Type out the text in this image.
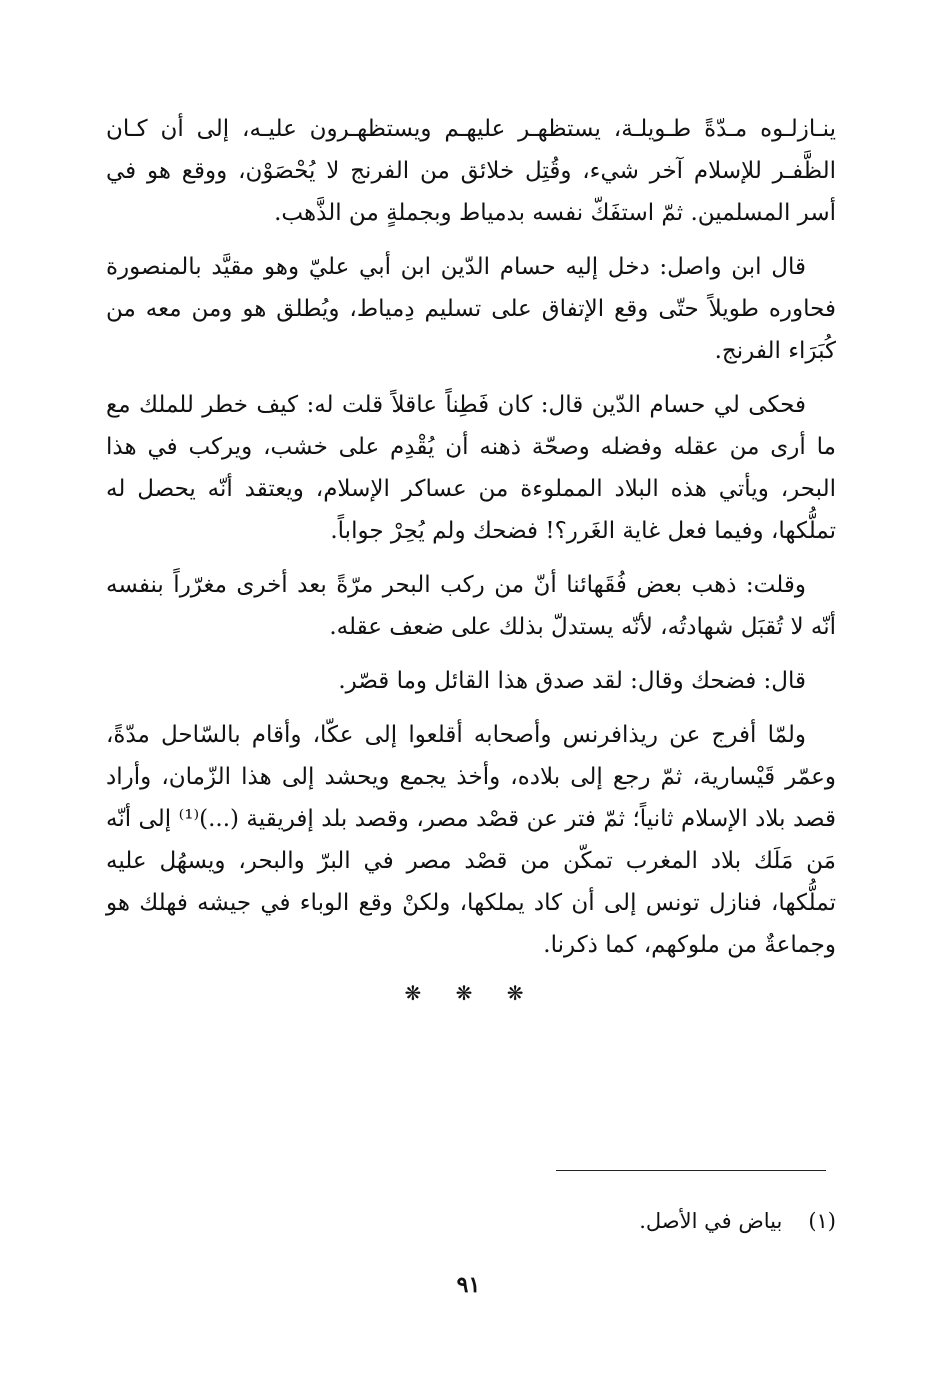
ينـازلـوه مـدّةً طـويلـة، يستظهـر عليهـم ويستظهـرون عليـه، إلى أن كـان الظَّفـر للإسلام آخر شيء، وقُتِل خلائق من الفرنج لا يُحْصَوْن، ووقع هو في أسر المسلمين. ثمّ استفَكّ نفسه بدمياط وبجملةٍ من الذَّهب.

قال ابن واصل: دخل إليه حسام الدّين ابن أبي عليّ وهو مقيَّد بالمنصورة فحاوره طويلاً حتّى وقع الإتفاق على تسليم دِمياط، ويُطلق هو ومن معه من كُبَرَاء الفرنج.

فحكى لي حسام الدّين قال: كان فَطِناً عاقلاً قلت له: كيف خطر للملك مع ما أرى من عقله وفضله وصحّة ذهنه أن يُقْدِم على خشب، ويركب في هذا البحر، ويأتي هذه البلاد المملوءة من عساكر الإسلام، ويعتقد أنّه يحصل له تملُّكها، وفيما فعل غاية الغَرر؟! فضحك ولم يُحِرْ جواباً.

وقلت: ذهب بعض فُقَهائنا أنّ من ركب البحر مرّةً بعد أخرى مغرّراً بنفسه أنّه لا تُقبَل شهادتُه، لأنّه يستدلّ بذلك على ضعف عقله.

قال: فضحك وقال: لقد صدق هذا القائل وما قصّر.

ولمّا أفرج عن ريذافرنس وأصحابه أقلعوا إلى عكّا، وأقام بالسّاحل مدّةً، وعمّر قَيْسارية، ثمّ رجع إلى بلاده، وأخذ يجمع ويحشد إلى هذا الزّمان، وأراد قصد بلاد الإسلام ثانياً؛ ثمّ فتر عن قصْد مصر، وقصد بلد إفريقية (...)⁽¹⁾ إلى أنّه مَن مَلَك بلاد المغرب تمكّن من قصْد مصر في البرّ والبحر، ويسهُل عليه تملُّكها، فنازل تونس إلى أن كاد يملكها، ولكنْ وقع الوباء في جيشه فهلك هو وجماعةٌ من ملوكهم، كما ذكرنا.

❋ ❋ ❋
(١)بياض في الأصل.
٩١
